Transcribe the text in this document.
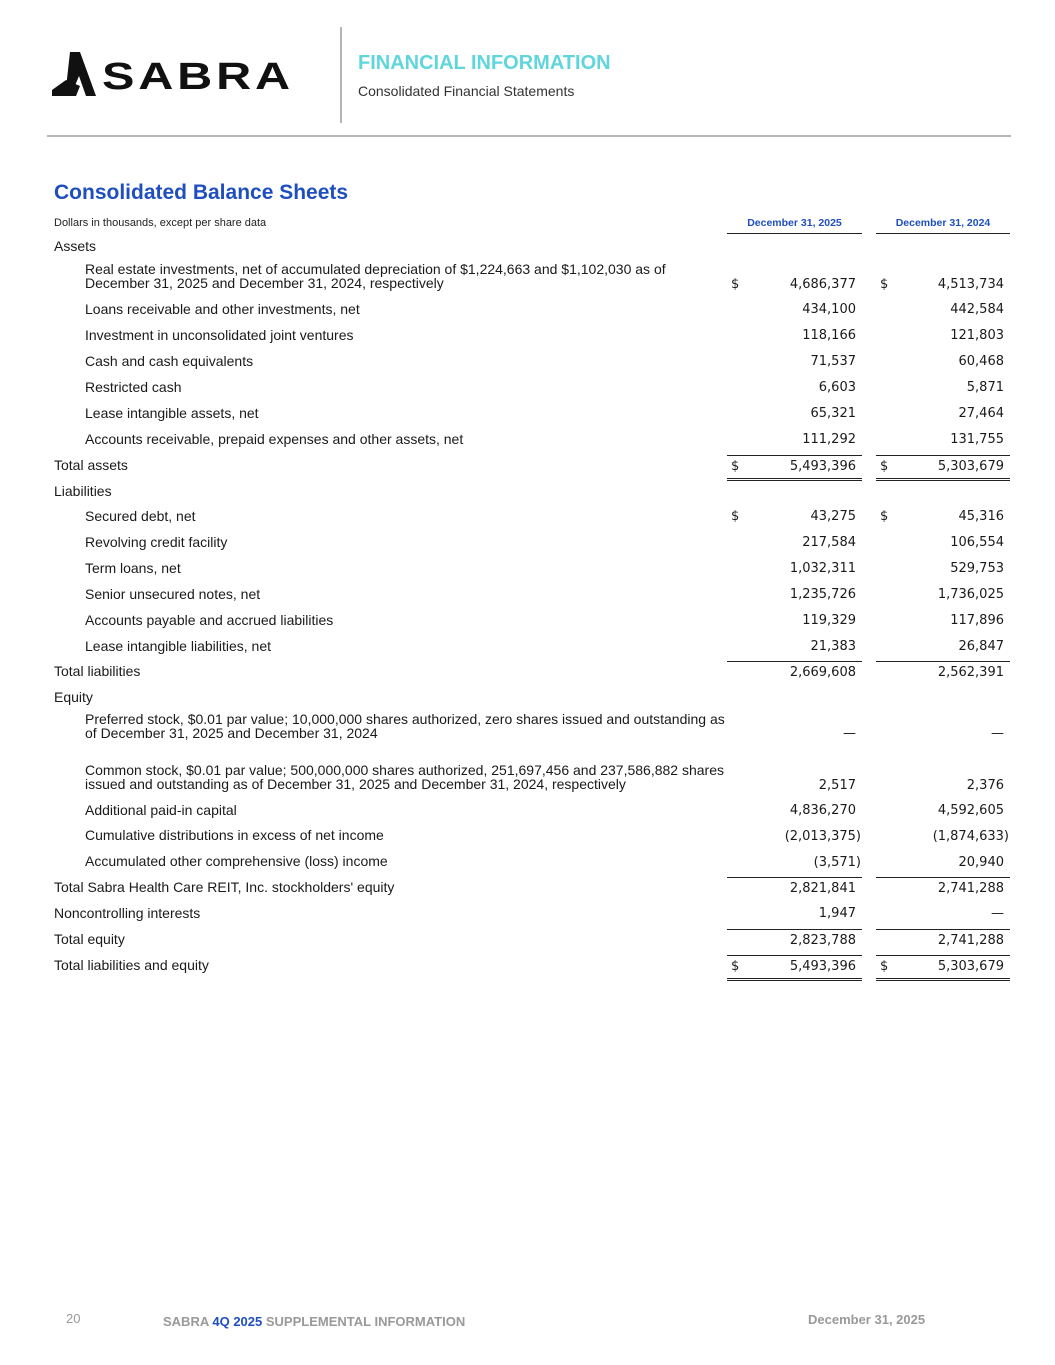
SABRA	FINANCIAL INFORMATION
Consolidated Financial Statements
Consolidated Balance Sheets
Dollars in thousands, except per share data	December 31, 2025	December 31, 2024
Assets
Real estate investments, net of accumulated depreciation of $1,224,663 and $1,102,030 as of December 31, 2025 and December 31, 2024, respectively	$	4,686,377 $	4,513,734
Loans receivable and other investments, net	434,100	442,584
Investment in unconsolidated joint ventures	118,166	121,803
Cash and cash equivalents	71,537	60,468
Restricted cash	6,603	5,871
Lease intangible assets, net	65,321	27,464
Accounts receivable, prepaid expenses and other assets, net	111,292	131,755
Total assets	$	5,493,396 $	5,303,679
Liabilities
Secured debt, net	$	43,275 $	45,316
Revolving credit facility	217,584	106,554
Term loans, net	1,032,311	529,753
Senior unsecured notes, net	1,235,726	1,736,025
Accounts payable and accrued liabilities	119,329	117,896
Lease intangible liabilities, net	21,383	26,847
Total liabilities	2,669,608	2,562,391
Equity
Preferred stock, $0.01 par value; 10,000,000 shares authorized, zero shares issued and outstanding as of December 31, 2025 and December 31, 2024	—	—
Common stock, $0.01 par value; 500,000,000 shares authorized, 251,697,456 and 237,586,882 shares issued and outstanding as of December 31, 2025 and December 31, 2024, respectively	2,517	2,376
Additional paid-in capital	4,836,270	4,592,605
Cumulative distributions in excess of net income	(2,013,375)	(1,874,633)
Accumulated other comprehensive (loss) income	(3,571)	20,940
Total Sabra Health Care REIT, Inc. stockholders' equity	2,821,841	2,741,288
Noncontrolling interests	1,947	—
Total equity	2,823,788	2,741,288
Total liabilities and equity	$	5,493,396 $	5,303,679
20	SABRA 4Q 2025 SUPPLEMENTAL INFORMATION	December 31, 2025
